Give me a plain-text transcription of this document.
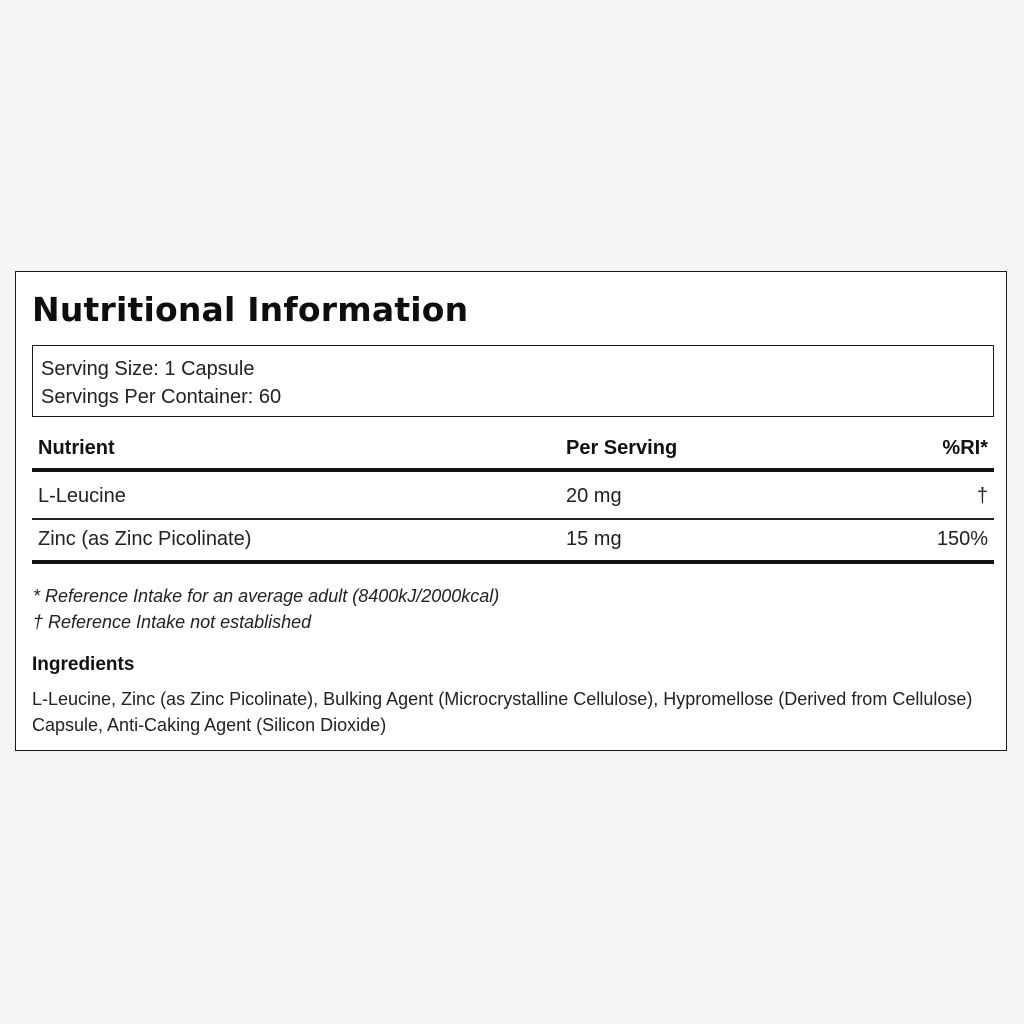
Nutritional Information
Serving Size: 1 Capsule
Servings Per Container: 60
Nutrient	Per Serving	%RI*
L-Leucine	20 mg	†
Zinc (as Zinc Picolinate)	15 mg	150%
* Reference Intake for an average adult (8400kJ/2000kcal)
† Reference Intake not established
Ingredients
L-Leucine, Zinc (as Zinc Picolinate), Bulking Agent (Microcrystalline Cellulose), Hypromellose (Derived from Cellulose) Capsule, Anti-Caking Agent (Silicon Dioxide)
